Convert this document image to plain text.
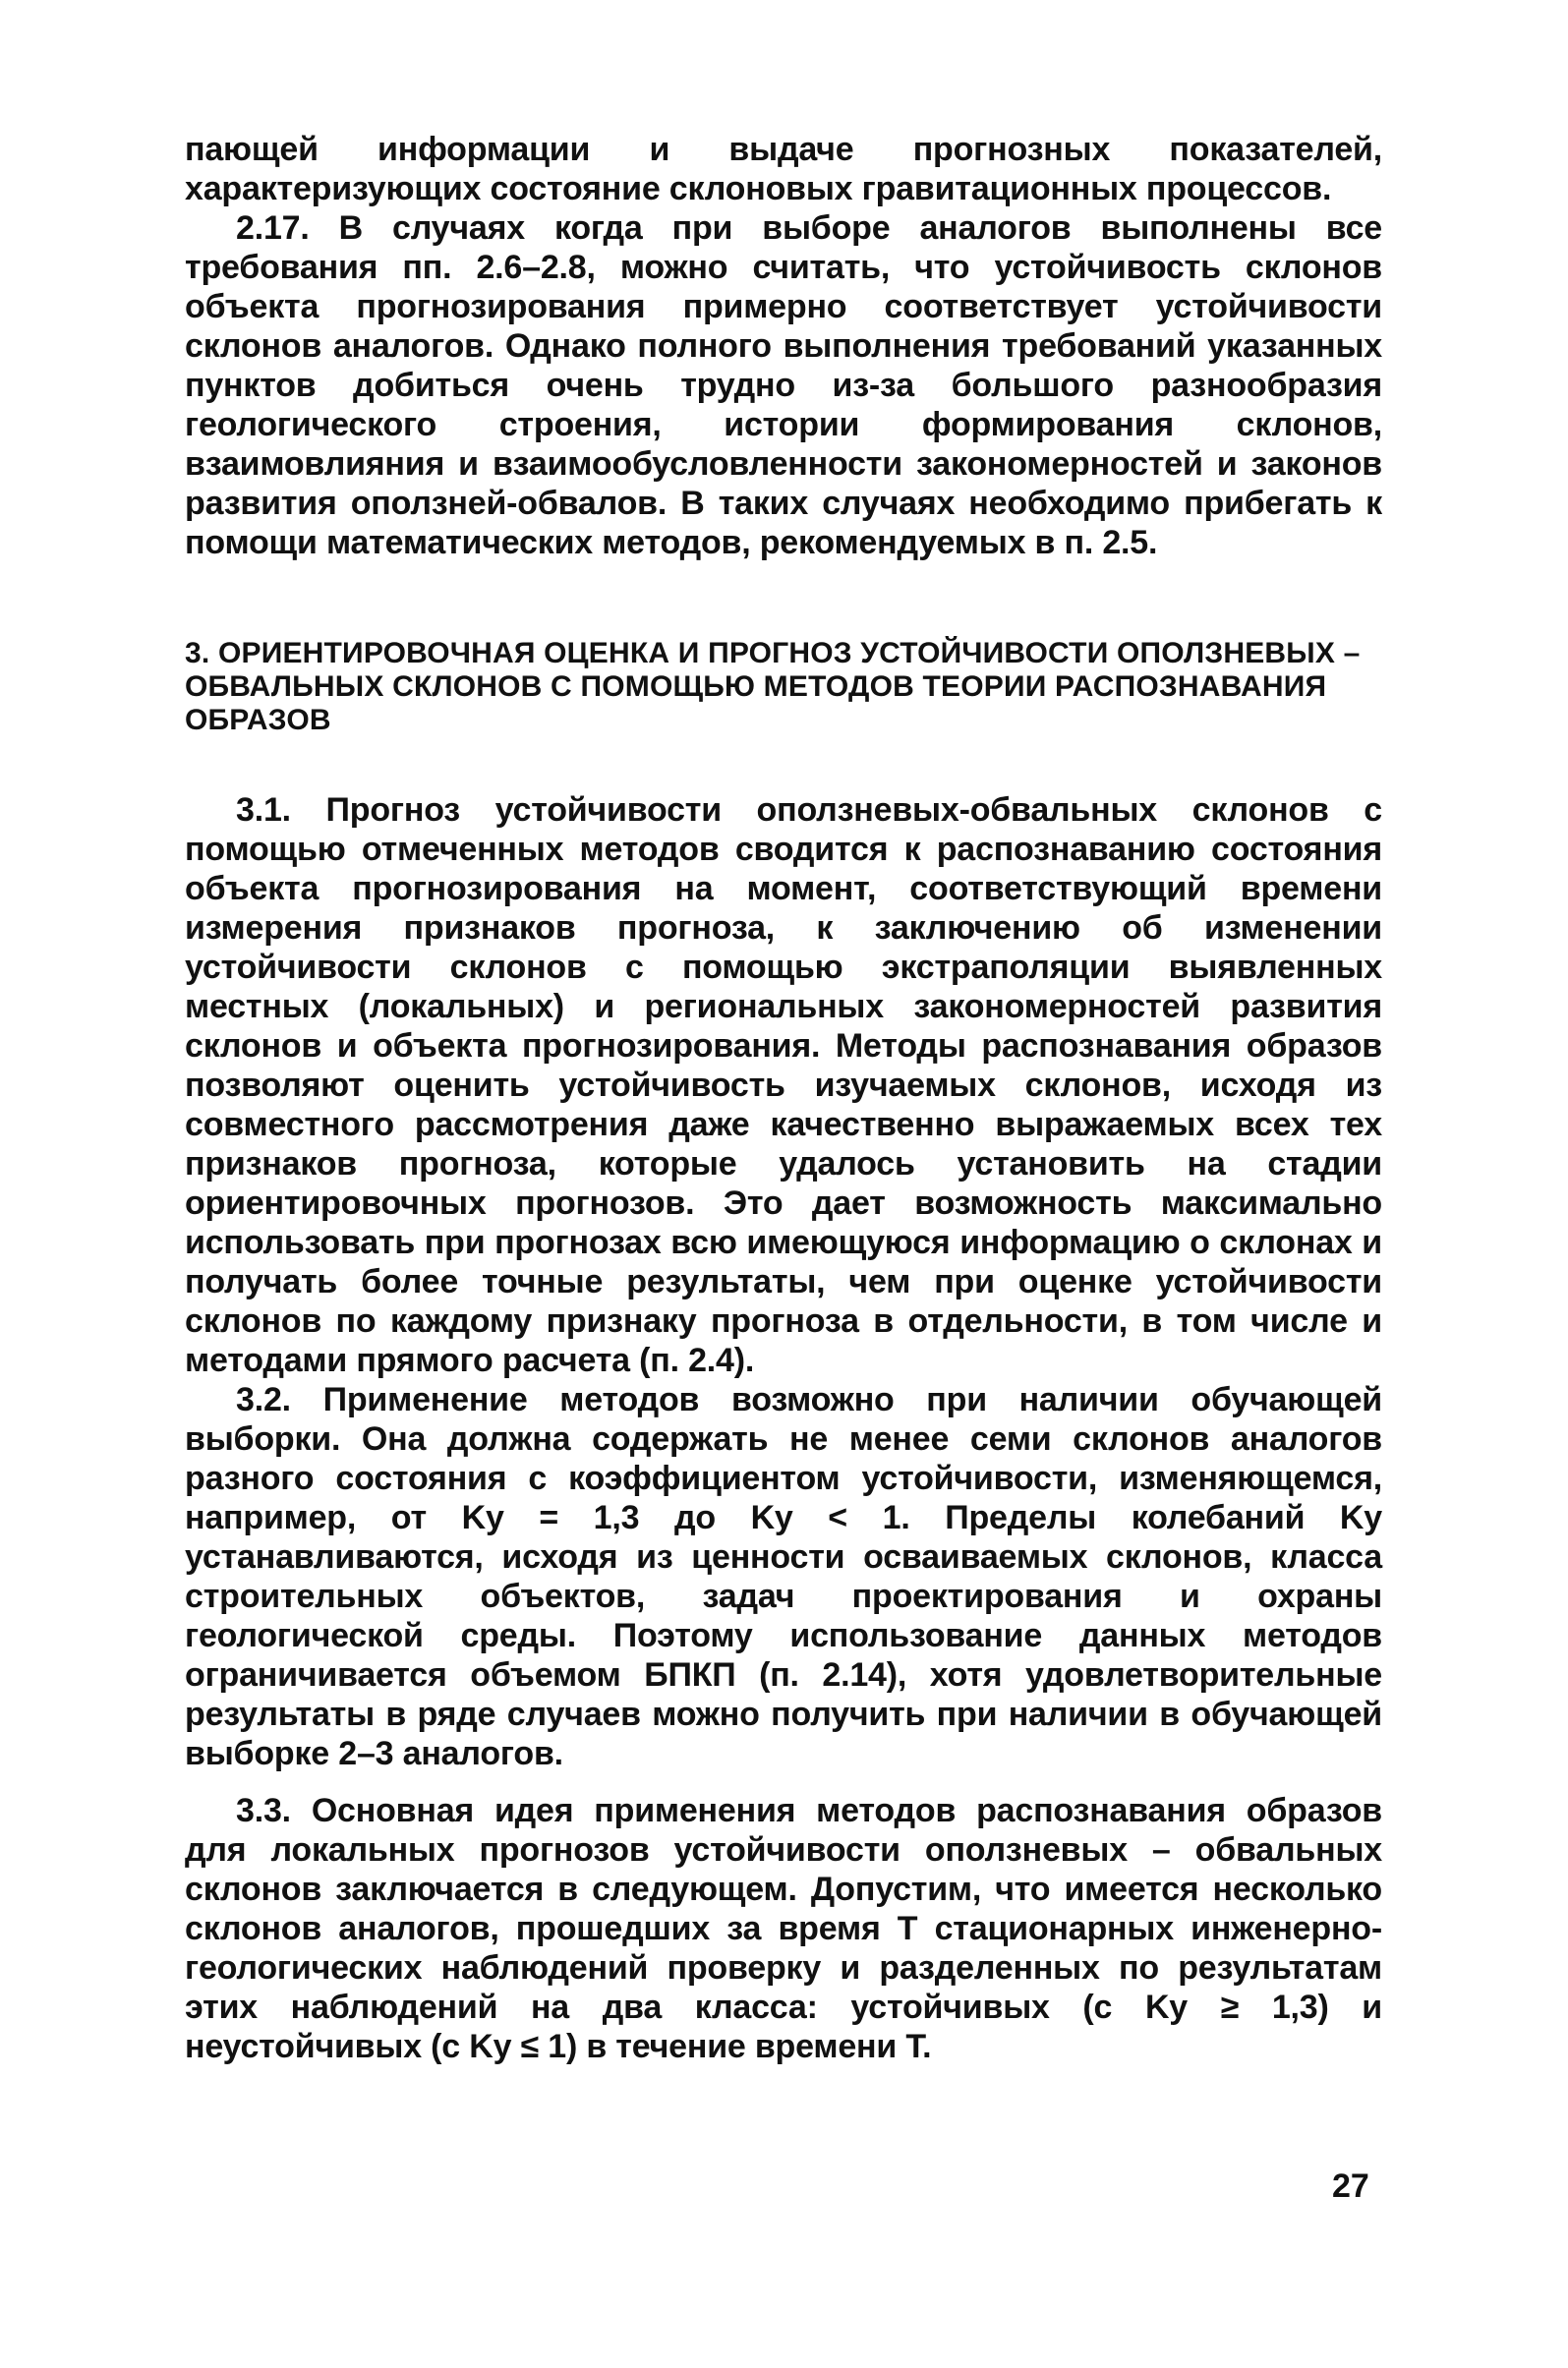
пающей информации и выдаче прогнозных показателей, характеризующих состояние склоновых гравитационных процессов.

2.17. В случаях когда при выборе аналогов выполнены все требования пп. 2.6–2.8, можно считать, что устойчивость склонов объекта прогнозирования примерно соответствует устойчивости склонов аналогов. Однако полного выполнения требований указанных пунктов добиться очень трудно из-за большого разнообразия геологического строения, истории формирования склонов, взаимовлияния и взаимообусловленности закономерностей и законов развития оползней-обвалов. В таких случаях необходимо прибегать к помощи математических методов, рекомендуемых в п. 2.5.

3. ОРИЕНТИРОВОЧНАЯ ОЦЕНКА И ПРОГНОЗ УСТОЙЧИВОСТИ ОПОЛЗНЕВЫХ – ОБВАЛЬНЫХ СКЛОНОВ С ПОМОЩЬЮ МЕТОДОВ ТЕОРИИ РАСПОЗНАВАНИЯ ОБРАЗОВ

3.1. Прогноз устойчивости оползневых-обвальных склонов с помощью отмеченных методов сводится к распознаванию состояния объекта прогнозирования на момент, соответствующий времени измерения признаков прогноза, к заключению об изменении устойчивости склонов с помощью экстраполяции выявленных местных (локальных) и региональных закономерностей развития склонов и объекта прогнозирования. Методы распознавания образов позволяют оценить устойчивость изучаемых склонов, исходя из совместного рассмотрения даже качественно выражаемых всех тех признаков прогноза, которые удалось установить на стадии ориентировочных прогнозов. Это дает возможность максимально использовать при прогнозах всю имеющуюся информацию о склонах и получать более точные результаты, чем при оценке устойчивости склонов по каждому признаку прогноза в отдельности, в том числе и методами прямого расчета (п. 2.4).

3.2. Применение методов возможно при наличии обучающей выборки. Она должна содержать не менее семи склонов аналогов разного состояния с коэффициентом устойчивости, изменяющемся, например, от Kу = 1,3 до Kу < 1. Пределы колебаний Kу устанавливаются, исходя из ценности осваиваемых склонов, класса строительных объектов, задач проектирования и охраны геологической среды. Поэтому использование данных методов ограничивается объемом БПКП (п. 2.14), хотя удовлетворительные результаты в ряде случаев можно получить при наличии в обучающей выборке 2–3 аналогов.

3.3. Основная идея применения методов распознавания образов для локальных прогнозов устойчивости оползневых – обвальных склонов заключается в следующем. Допустим, что имеется несколько склонов аналогов, прошедших за время T стационарных инженерно-геологических наблюдений проверку и разделенных по результатам этих наблюдений на два класса: устойчивых (с Kу ≥ 1,3) и неустойчивых (с Kу ≤ 1) в течение времени T.

27
